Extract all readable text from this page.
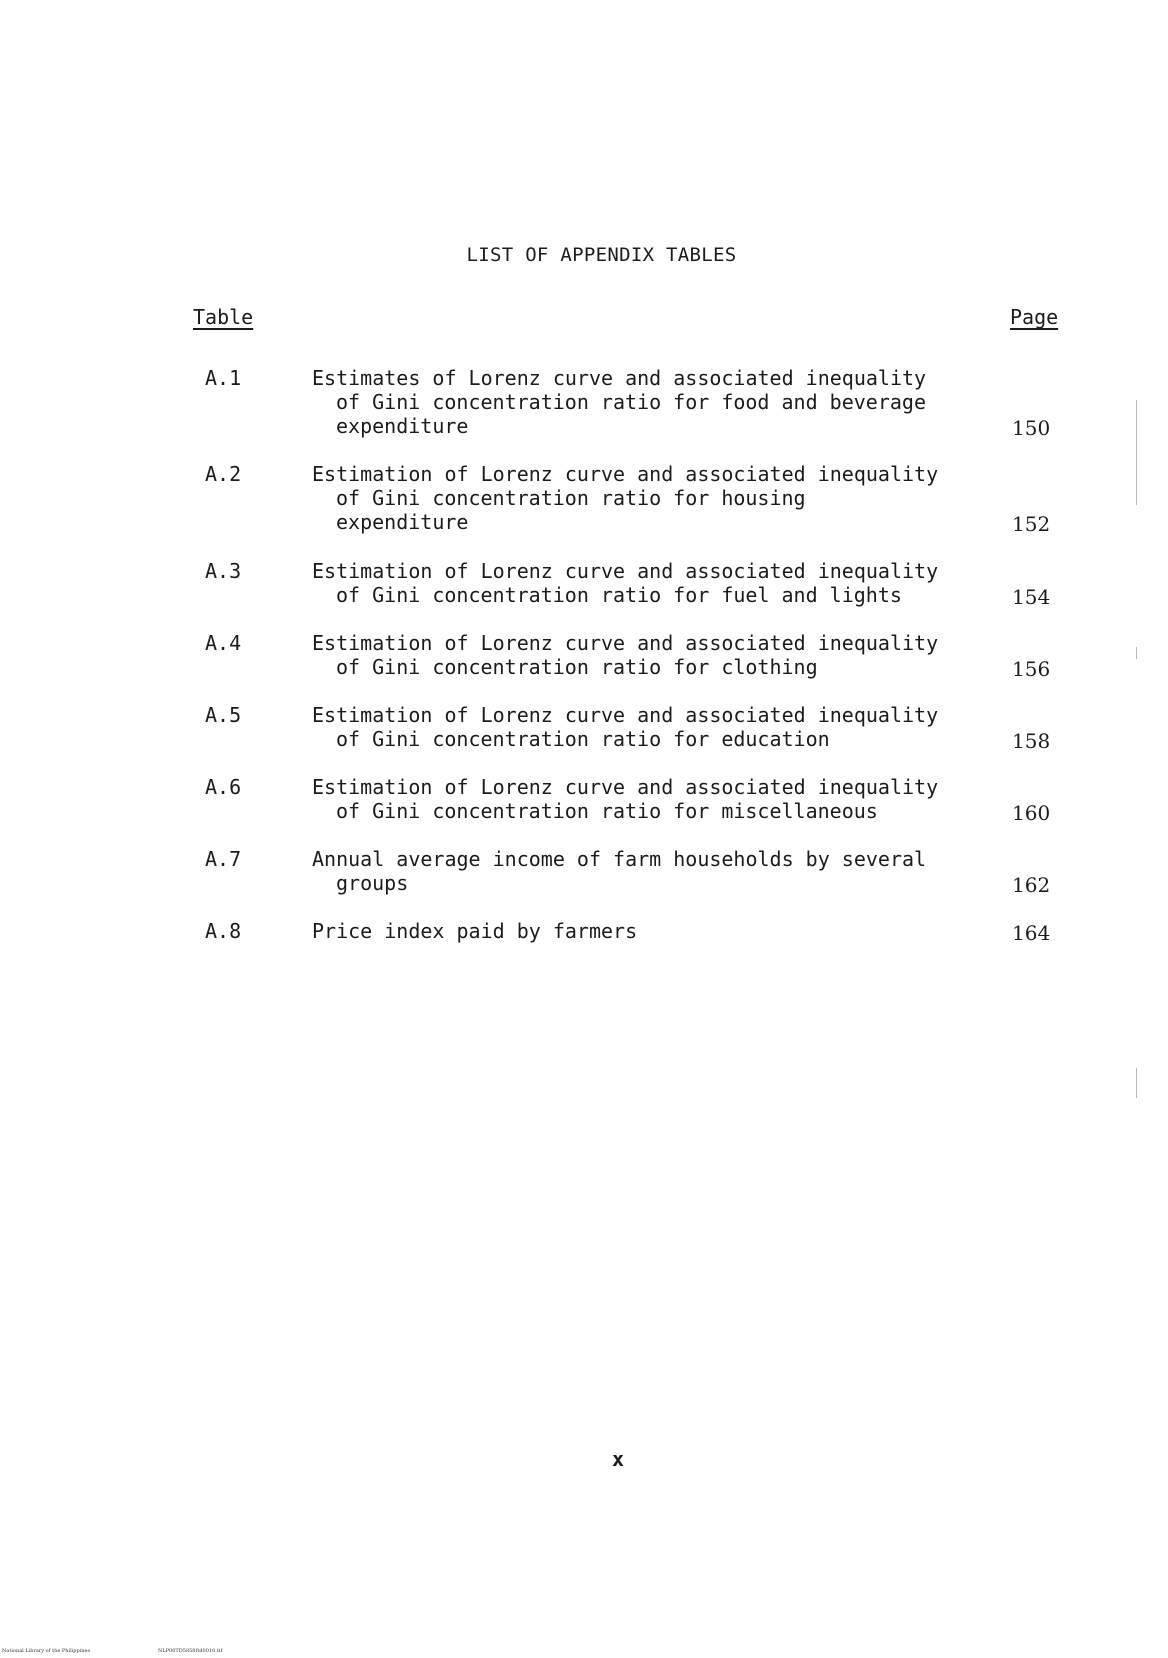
LIST OF APPENDIX TABLES
Table	Page
A.1	Estimates of Lorenz curve and associated inequality
of Gini concentration ratio for food and beverage
expenditure	150
A.2	Estimation of Lorenz curve and associated inequality
of Gini concentration ratio for housing
expenditure	152
A.3	Estimation of Lorenz curve and associated inequality
of Gini concentration ratio for fuel and lights	154
A.4	Estimation of Lorenz curve and associated inequality
of Gini concentration ratio for clothing	156
A.5	Estimation of Lorenz curve and associated inequality
of Gini concentration ratio for education	158
A.6	Estimation of Lorenz curve and associated inequality
of Gini concentration ratio for miscellaneous	160
A.7	Annual average income of farm households by several
groups	162
A.8	Price index paid by farmers	164
x
National Library of the Philippines	NLP00TD5858ftd0010.tif
